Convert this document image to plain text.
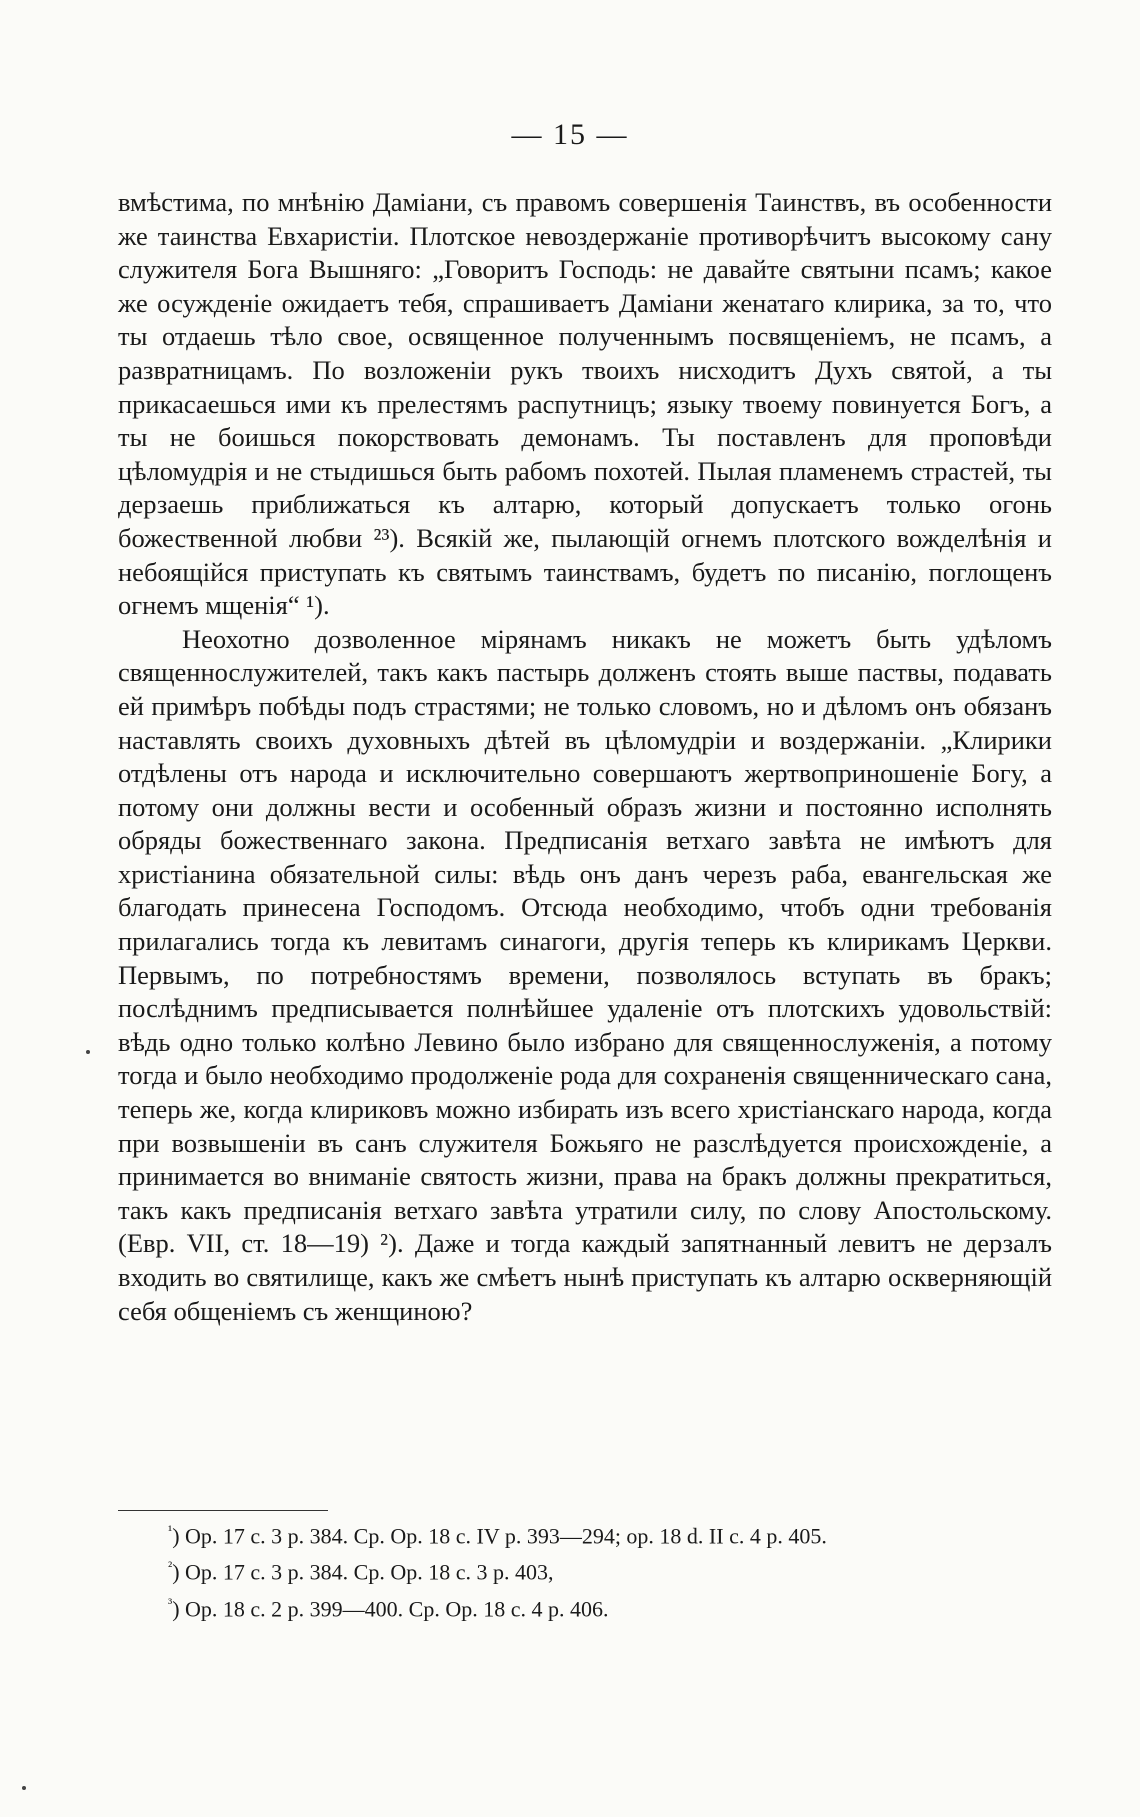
— 15 —

вмѣстима, по мнѣнію Даміани, съ правомъ совершенія Таинствъ, въ особенности же таинства Евхаристіи. Плотское невоздержаніе противорѣчитъ высокому сану служителя Бога Вышняго: „Говоритъ Господь: не давайте святыни псамъ; какое же осужденіе ожидаетъ тебя, спрашиваетъ Даміани женатаго клирика, за то, что ты отдаешь тѣло свое, освященное полученнымъ посвященіемъ, не псамъ, а развратницамъ. По возложеніи рукъ твоихъ нисходитъ Духъ святой, а ты прикасаешься ими къ прелестямъ распутницъ; языку твоему повинуется Богъ, а ты не боишься покорствовать демонамъ. Ты поставленъ для проповѣди цѣломудрія и не стыдишься быть рабомъ похотей. Пылая пламенемъ страстей, ты дерзаешь приближаться къ алтарю, который допускаетъ только огонь божественной любви ²³). Всякій же, пылающій огнемъ плотского вожделѣнія и небоящійся приступать къ святымъ таинствамъ, будетъ по писанію, поглощенъ огнемъ мщенія“ ¹).

Неохотно дозволенное мірянамъ никакъ не можетъ быть удѣломъ священнослужителей, такъ какъ пастырь долженъ стоять выше паствы, подавать ей примѣръ побѣды подъ страстями; не только словомъ, но и дѣломъ онъ обязанъ наставлять своихъ духовныхъ дѣтей въ цѣломудріи и воздержаніи. „Клирики отдѣлены отъ народа и исключительно совершаютъ жертвоприношеніе Богу, а потому они должны вести и особенный образъ жизни и постоянно исполнять обряды божественнаго закона. Предписанія ветхаго завѣта не имѣютъ для христіанина обязательной силы: вѣдь онъ данъ черезъ раба, евангельская же благодать принесена Господомъ. Отсюда необходимо, чтобъ одни требованія прилагались тогда къ левитамъ синагоги, другія теперь къ клирикамъ Церкви. Первымъ, по потребностямъ времени, позволялось вступать въ бракъ; послѣднимъ предписывается полнѣйшее удаленіе отъ плотскихъ удовольствій: вѣдь одно только колѣно Левино было избрано для священнослуженія, а потому тогда и было необходимо продолженіе рода для сохраненія священническаго сана, теперь же, когда клириковъ можно избирать изъ всего христіанскаго народа, когда при возвышеніи въ санъ служителя Божьяго не разслѣдуется происхожденіе, а принимается во вниманіе святость жизни, права на бракъ должны прекратиться, такъ какъ предписанія ветхаго завѣта утратили силу, по слову Апостольскому. (Евр. VII, ст. 18—19) ²). Даже и тогда каждый запятнанный левитъ не дерзалъ входить во святилище, какъ же смѣетъ нынѣ приступать къ алтарю оскверняющій себя общеніемъ съ женщиною?

$^{^1}$) Op. 17 c. 3 p. 384. Cp. Op. 18 c. IV p. 393—294; op. 18 d. II c. 4 p. 405.
$^{^2}$) Op. 17 c. 3 p. 384. Cp. Op. 18 c. 3 p. 403,
$^{^3}$) Op. 18 c. 2 p. 399—400. Cp. Op. 18 c. 4 p. 406.
